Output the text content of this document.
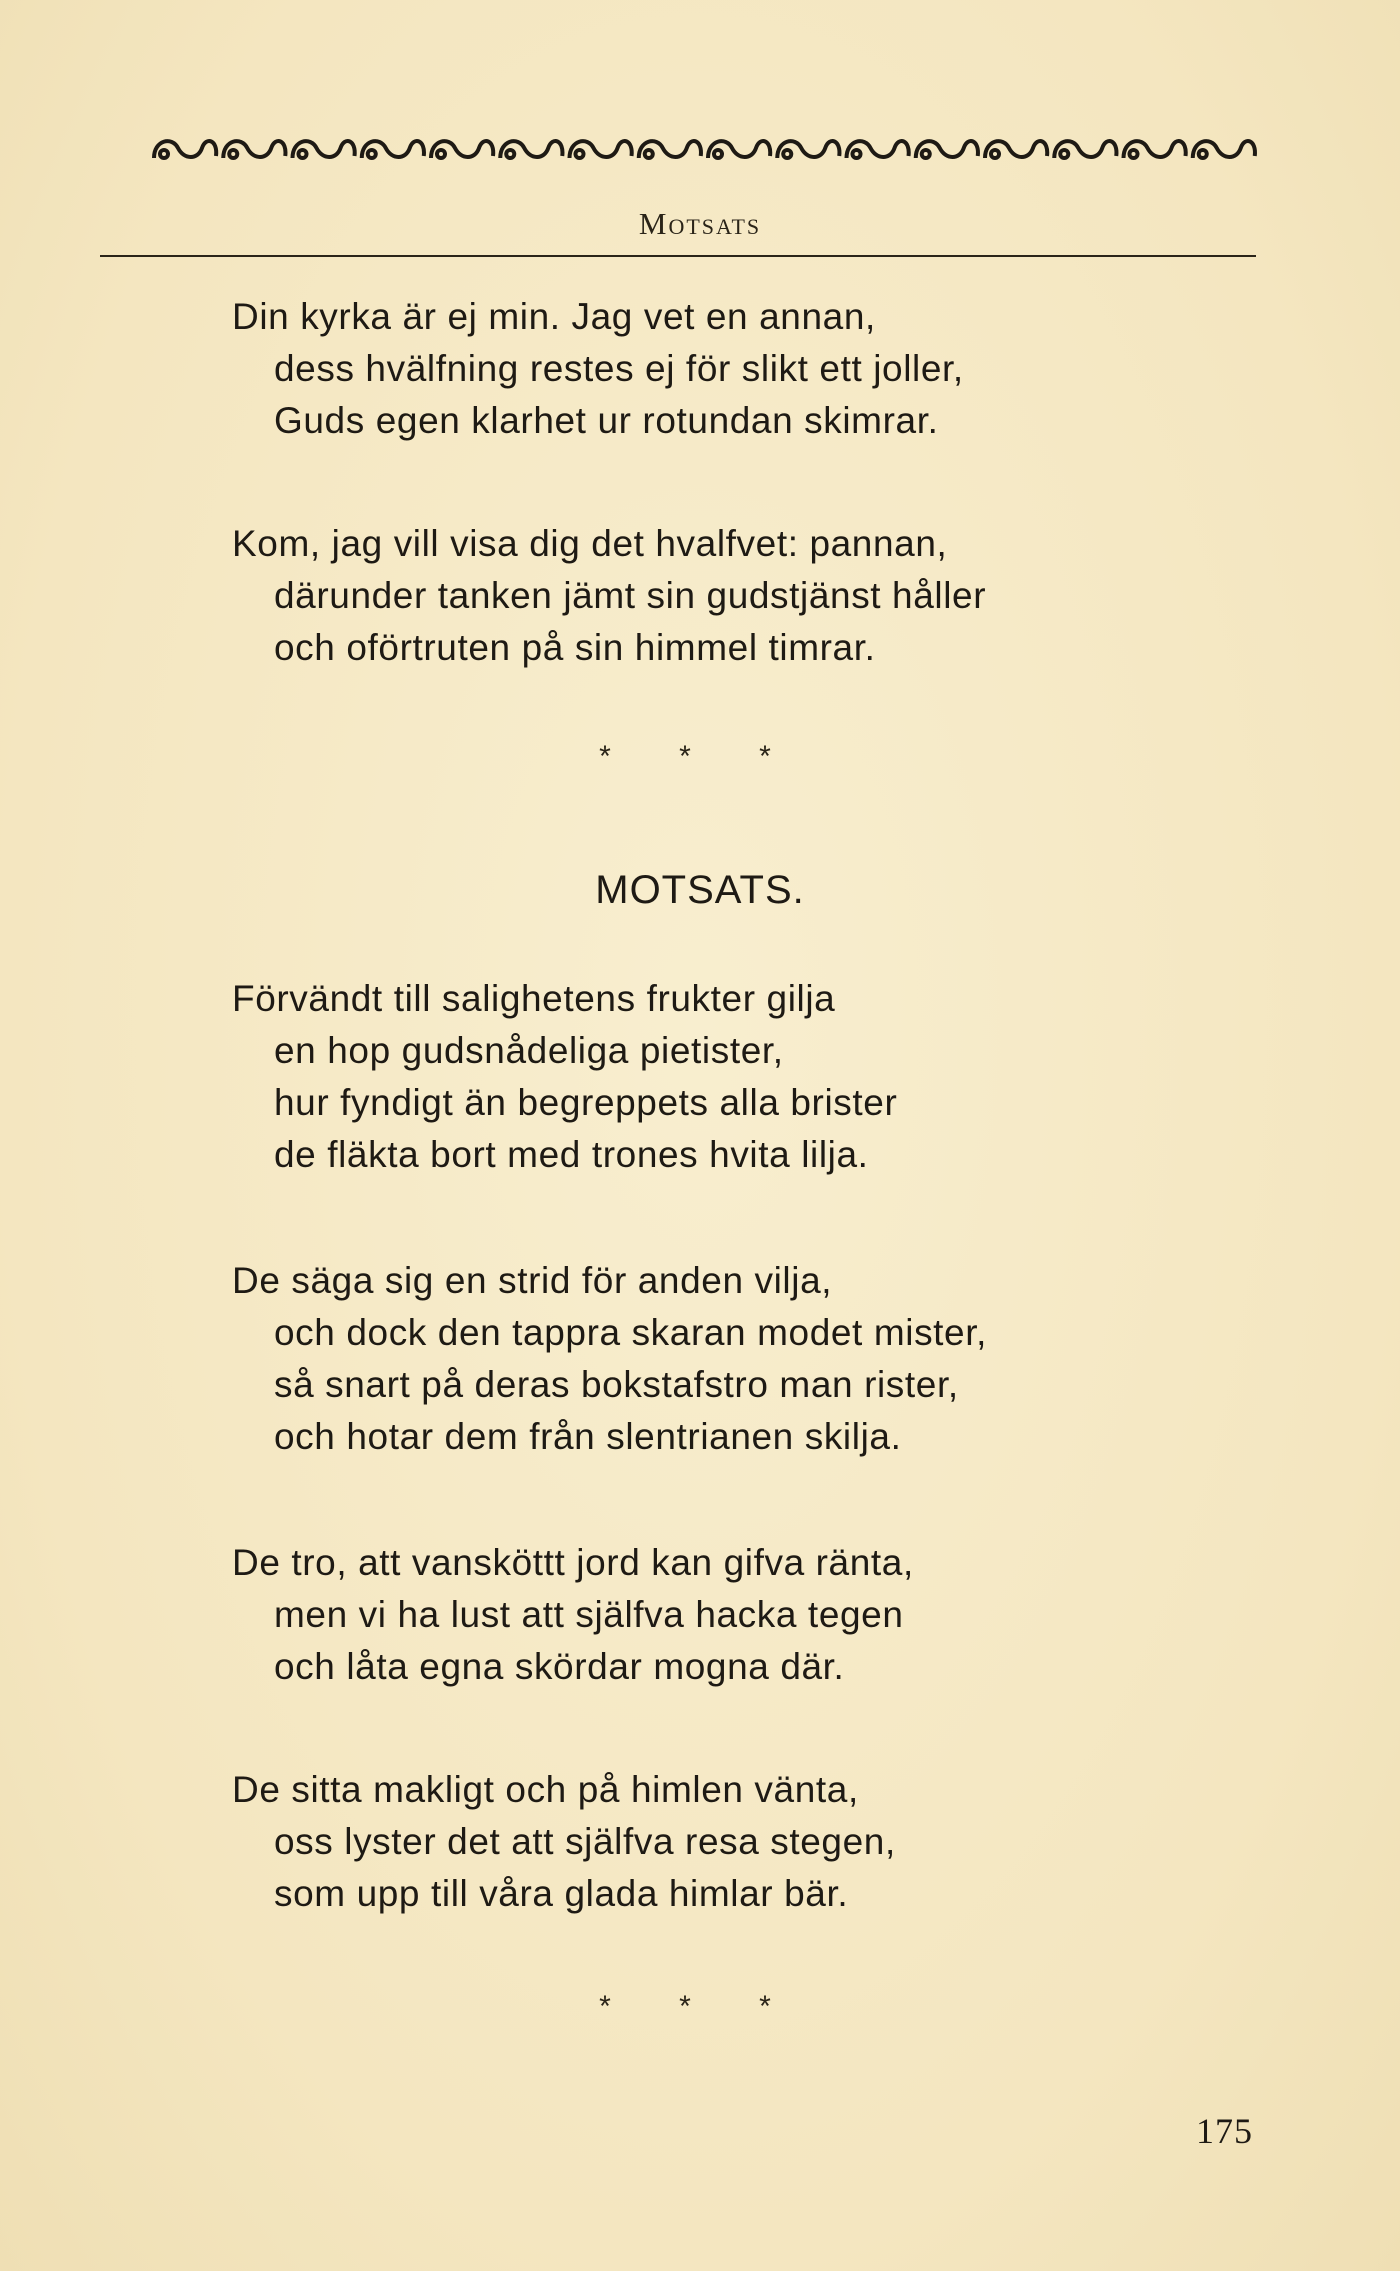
Motsats
Din kyrka är ej min. Jag vet en annan,
dess hvälfning restes ej för slikt ett joller,
Guds egen klarhet ur rotundan skimrar.
Kom, jag vill visa dig det hvalfvet: pannan,
därunder tanken jämt sin gudstjänst håller
och oförtruten på sin himmel timrar.
* * *
MOTSATS.
Förvändt till salighetens frukter gilja
en hop gudsnådeliga pietister,
hur fyndigt än begreppets alla brister
de fläkta bort med trones hvita lilja.
De säga sig en strid för anden vilja,
och dock den tappra skaran modet mister,
så snart på deras bokstafstro man rister,
och hotar dem från slentrianen skilja.
De tro, att vansköttt jord kan gifva ränta,
men vi ha lust att själfva hacka tegen
och låta egna skördar mogna där.
De sitta makligt och på himlen vänta,
oss lyster det att själfva resa stegen,
som upp till våra glada himlar bär.
* * *
175
